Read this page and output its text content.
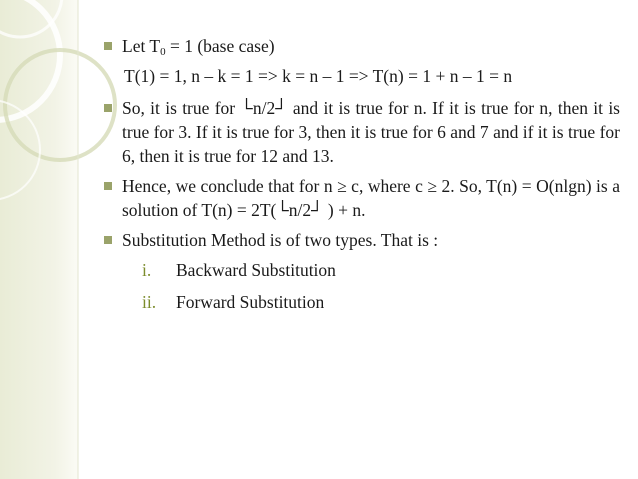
Let $T_0 = 1$ (base case)
T(1) = 1, n – k = 1 => k = n – 1 => T(n) = 1 + n – 1 = n
So, it is true for └n/2┘ and it is true for n. If it is true for n, then it is true for 3. If it is true for 3, then it is true for 6 and 7 and if it is true for 6, then it is true for 12 and 13.
Hence, we conclude that for n ≥ c, where c ≥ 2. So, T(n) = O(nlgn) is a solution of T(n) = 2T(└n/2┘ ) + n.
Substitution Method is of two types. That is :
i. Backward Substitution
ii. Forward Substitution
